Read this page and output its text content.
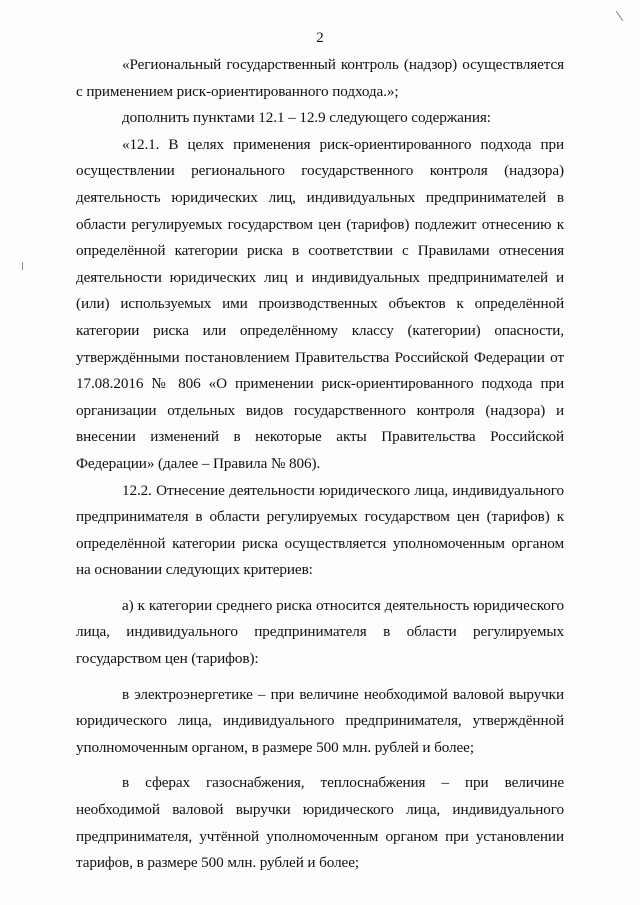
2

«Региональный государственный контроль (надзор) осуществляется с применением риск-ориентированного подхода.»;

дополнить пунктами 12.1 – 12.9 следующего содержания:

«12.1. В целях применения риск-ориентированного подхода при осуществлении регионального государственного контроля (надзора) деятельность юридических лиц, индивидуальных предпринимателей в области регулируемых государством цен (тарифов) подлежит отнесению к определённой категории риска в соответствии с Правилами отнесения деятельности юридических лиц и индивидуальных предпринимателей и (или) используемых ими производственных объектов к определённой категории риска или определённому классу (категории) опасности, утверждёнными постановлением Правительства Российской Федерации от 17.08.2016 № 806 «О применении риск-ориентированного подхода при организации отдельных видов государственного контроля (надзора) и внесении изменений в некоторые акты Правительства Российской Федерации» (далее – Правила № 806).

12.2. Отнесение деятельности юридического лица, индивидуального предпринимателя в области регулируемых государством цен (тарифов) к определённой категории риска осуществляется уполномоченным органом на основании следующих критериев:

а) к категории среднего риска относится деятельность юридического лица, индивидуального предпринимателя в области регулируемых государством цен (тарифов):

в электроэнергетике – при величине необходимой валовой выручки юридического лица, индивидуального предпринимателя, утверждённой уполномоченным органом, в размере 500 млн. рублей и более;

в сферах газоснабжения, теплоснабжения – при величине необходимой валовой выручки юридического лица, индивидуального предпринимателя, учтённой уполномоченным органом при установлении тарифов, в размере 500 млн. рублей и более;
